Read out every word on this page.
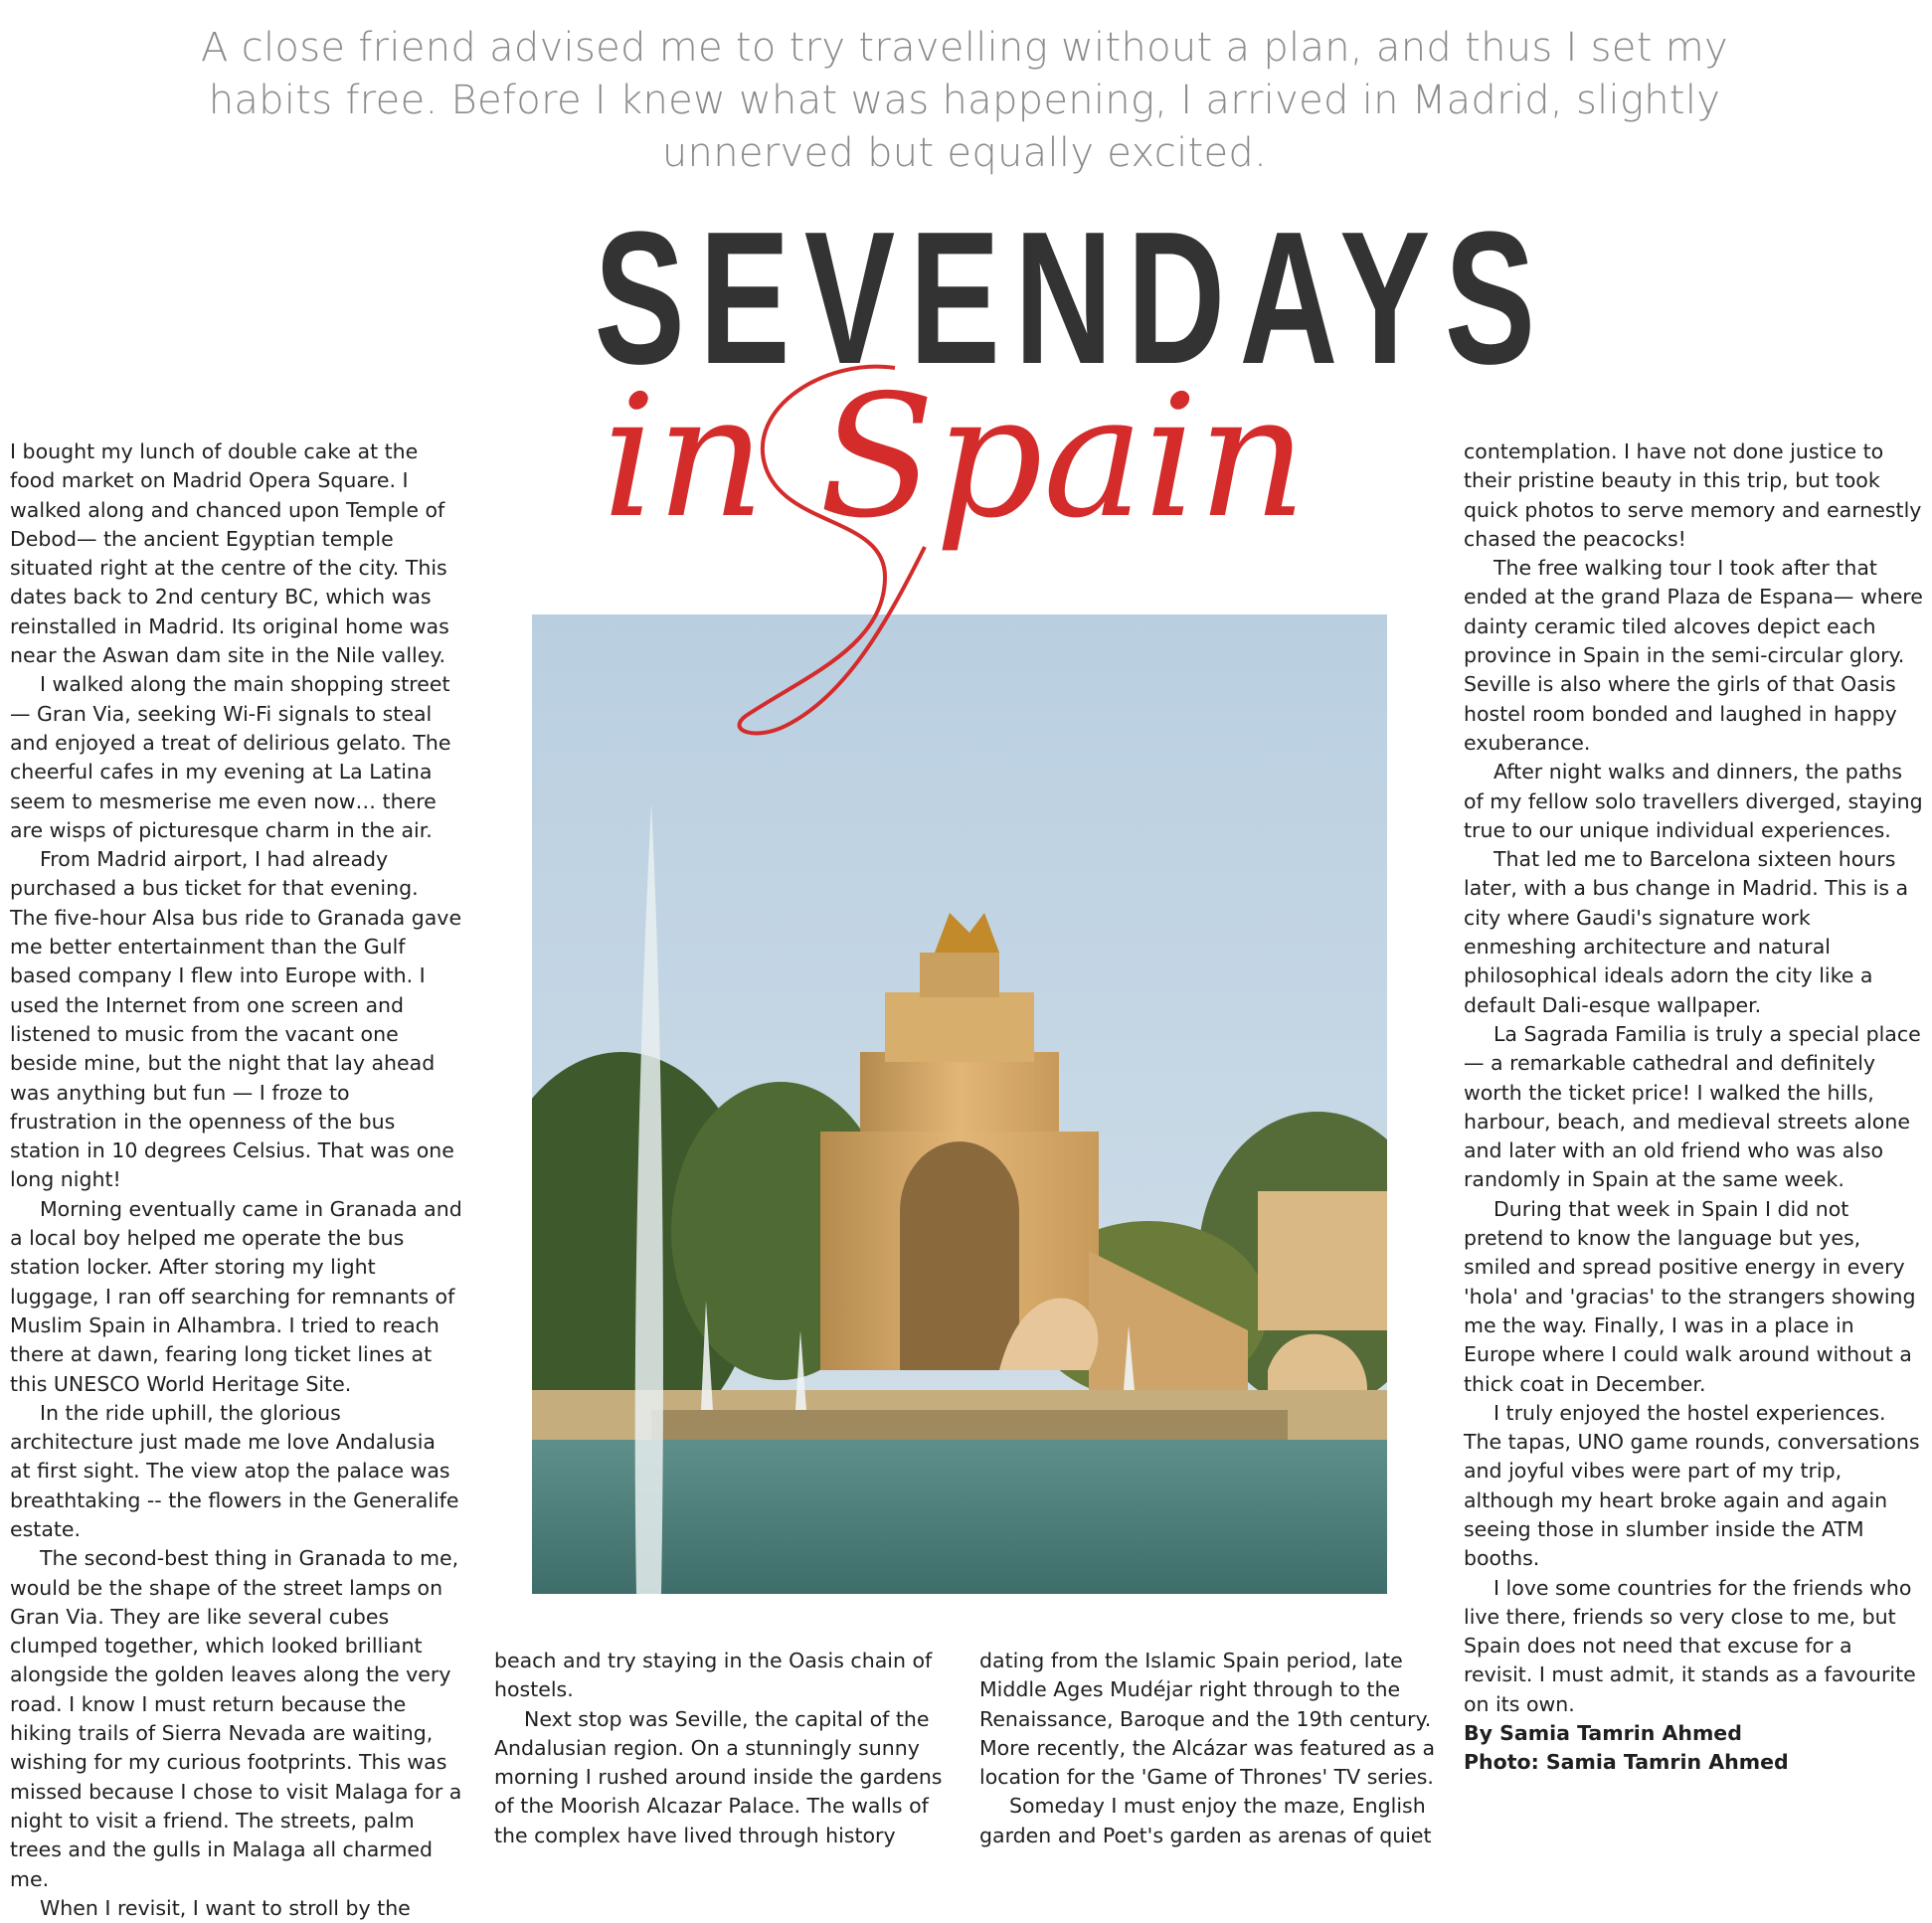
A close friend advised me to try travelling without a plan, and thus I set my habits free. Before I knew what was happening, I arrived in Madrid, slightly unnerved but equally excited.
SEVENDAYS
in Spain

I bought my lunch of double cake at the food market on Madrid Opera Square. I walked along and chanced upon Temple of Debod— the ancient Egyptian temple situated right at the centre of the city. This dates back to 2nd century BC, which was reinstalled in Madrid. Its original home was near the Aswan dam site in the Nile valley.

I walked along the main shopping street — Gran Via, seeking Wi-Fi signals to steal and enjoyed a treat of delirious gelato. The cheerful cafes in my evening at La Latina seem to mesmerise me even now… there are wisps of picturesque charm in the air.

From Madrid airport, I had already purchased a bus ticket for that evening. The five-hour Alsa bus ride to Granada gave me better entertainment than the Gulf based company I flew into Europe with. I used the Internet from one screen and listened to music from the vacant one beside mine, but the night that lay ahead was anything but fun — I froze to frustration in the openness of the bus station in 10 degrees Celsius. That was one long night!

Morning eventually came in Granada and a local boy helped me operate the bus station locker. After storing my light luggage, I ran off searching for remnants of Muslim Spain in Alhambra. I tried to reach there at dawn, fearing long ticket lines at this UNESCO World Heritage Site.

In the ride uphill, the glorious architecture just made me love Andalusia at first sight. The view atop the palace was breathtaking -- the flowers in the Generalife estate.

The second-best thing in Granada to me, would be the shape of the street lamps on Gran Via. They are like several cubes clumped together, which looked brilliant alongside the golden leaves along the very road. I know I must return because the hiking trails of Sierra Nevada are waiting, wishing for my curious footprints. This was missed because I chose to visit Malaga for a night to visit a friend. The streets, palm trees and the gulls in Malaga all charmed me.

When I revisit, I want to stroll by the

beach and try staying in the Oasis chain of hostels.

Next stop was Seville, the capital of the Andalusian region. On a stunningly sunny morning I rushed around inside the gardens of the Moorish Alcazar Palace. The walls of the complex have lived through history

dating from the Islamic Spain period, late Middle Ages Mudéjar right through to the Renaissance, Baroque and the 19th century. More recently, the Alcázar was featured as a location for the 'Game of Thrones' TV series.

Someday I must enjoy the maze, English garden and Poet's garden as arenas of quiet

contemplation. I have not done justice to their pristine beauty in this trip, but took quick photos to serve memory and earnestly chased the peacocks!

The free walking tour I took after that ended at the grand Plaza de Espana— where dainty ceramic tiled alcoves depict each province in Spain in the semi-circular glory. Seville is also where the girls of that Oasis hostel room bonded and laughed in happy exuberance.

After night walks and dinners, the paths of my fellow solo travellers diverged, staying true to our unique individual experiences.

That led me to Barcelona sixteen hours later, with a bus change in Madrid. This is a city where Gaudi's signature work enmeshing architecture and natural philosophical ideals adorn the city like a default Dali-esque wallpaper.

La Sagrada Familia is truly a special place — a remarkable cathedral and definitely worth the ticket price! I walked the hills, harbour, beach, and medieval streets alone and later with an old friend who was also randomly in Spain at the same week.

During that week in Spain I did not pretend to know the language but yes, smiled and spread positive energy in every 'hola' and 'gracias' to the strangers showing me the way. Finally, I was in a place in Europe where I could walk around without a thick coat in December.

I truly enjoyed the hostel experiences. The tapas, UNO game rounds, conversations and joyful vibes were part of my trip, although my heart broke again and again seeing those in slumber inside the ATM booths.

I love some countries for the friends who live there, friends so very close to me, but Spain does not need that excuse for a revisit. I must admit, it stands as a favourite on its own.

By Samia Tamrin Ahmed

Photo: Samia Tamrin Ahmed
